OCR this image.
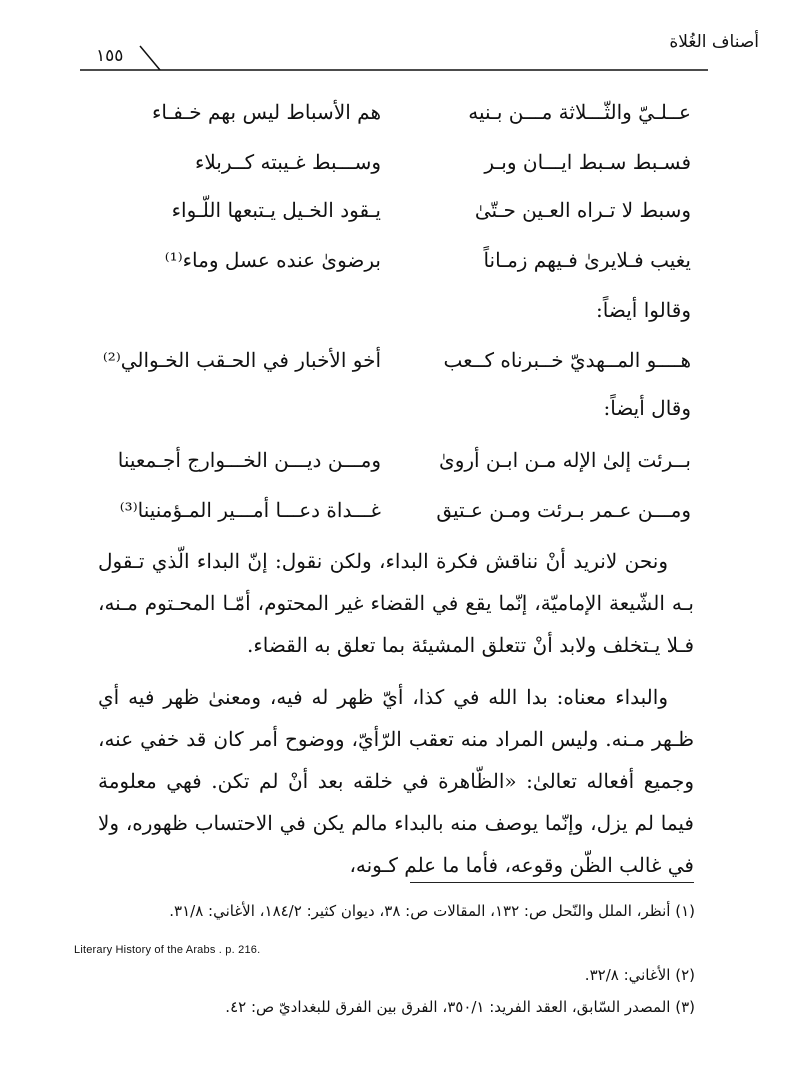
١٥٥
أصناف الغُلاة
عــلـيّ والثّـــلاثة مـــن بـنيه
هم الأسباط ليس بهم خـفـاء
فسـبط سـبط ايـــان وبـر
وســـبط غـيبته كــربلاء
وسبط لا تـراه العـين حـتّىٰ
يـقود الخـيل يـتبعها اللّـواء
يغيب فـلايرىٰ فـيهم زمـاناً
برضوىٰ عنده عسل وماء⁽¹⁾
وقالوا أيضاً:
هــــو المــهديّ خــبرناه كــعب
أخو الأخبار في الحـقب الخـوالي⁽²⁾
وقال أيضاً:
بــرئت إلىٰ الإله مـن ابـن أروىٰ
ومـــن ديـــن الخـــوارج أجـمعينا
ومـــن عـمر بـرئت ومـن عـتيق
غـــداة دعـــا أمـــير المـؤمنينا⁽³⁾

ونحن لانريد أنْ نناقش فكرة البداء، ولكن نقول: إنّ البداء الّذي تـقول بـه الشّيعة الإماميّة، إنّما يقع في القضاء غير المحتوم، أمّـا المحـتوم مـنه، فـلا يـتخلف ولابد أنْ تتعلق المشيئة بما تعلق به القضاء.

والبداء معناه: بدا الله في كذا، أيّ ظهر له فيه، ومعنىٰ ظهر فيه أي ظـهر مـنه. وليس المراد منه تعقب الرّأيّ، ووضوح أمر كان قد خفي عنه، وجميع أفعاله تعالىٰ: «الظّاهرة في خلقه بعد أنْ لم تكن. فهي معلومة فيما لم يزل، وإنّما يوصف منه بالبداء مالم يكن في الاحتساب ظهوره، ولا في غالب الظّن وقوعه، فأما ما علم كـونه،

(١) أنظر، الملل والنّحل ص: ١٣٢، المقالات ص: ٣٨، ديوان كثير: ١٨٤/٢، الأغاني: ٣١/٨.
Literary History of the Arabs . p. 216.
(٢) الأغاني: ٣٢/٨.
(٣) المصدر السّابق، العقد الفريد: ٣٥٠/١، الفرق بين الفرق للبغداديّ ص: ٤٢.
